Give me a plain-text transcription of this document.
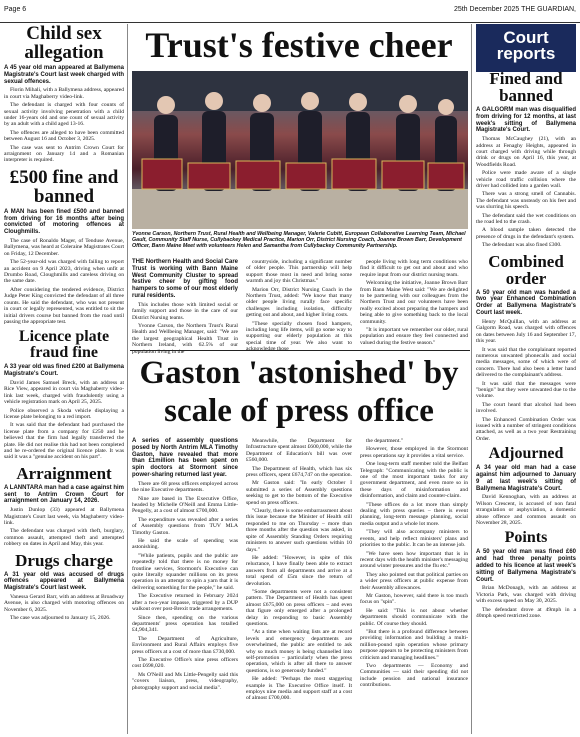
Page 6	25th December 2025 THE GUARDIAN,
Child sex allegation

A 45 year old man appeared at Ballymena Magistrate's Court last week charged with sexual offences.

Florin Mihali, with a Ballymena address, appeared in court via Maghaberry video-link.

The defendant is charged with four counts of sexual activity involving penetration with a child under 16-years old and one count of sexual activity by an adult with a child aged 13-16.

The offences are alleged to have been committed between August 16 and October 3, 2025.

The case was sent to Antrim Crown Court for arraignment on January 14 and a Romanian interpreter is required.

£500 fine and banned

A MAN has been fined £500 and banned from driving for 16 months after being convicted of motoring offences at Cloughmills.

The case of Ronaldo Mager, of Tenduse Avenue, Ballymena, was heard at Coleraine Magistrates Court on Friday, 12 December.

The 52-year-old was charged with failing to report an accident on 9 April 2023, driving when unfit at Drumbo Road, Cloughmills and careless driving on the same date.

After considering the tendered evidence, District Judge Peter King convicted the defendant of all three counts. He said the defendant, who was not present in court or legally represented, was entitled to sit the initial drivers course but banned from the road until passing the appropriate test.

Licence plate fraud fine

A 33 year old was fined £200 at Ballymena Magistrate's Court.

David James Samuel Breck, with an address at Rice View, appeared in court via Maghaberry video-link last week, charged with fraudulently using a vehicle registration mark on April 25, 2025.

Police observed a Skoda vehicle displaying a license plate belonging to a red import.

It was said that the defendant had purchased the license plate from a company for £250 and he believed that the firm had legally transferred the plate. He did not realise this had not been completed and he re-ordered the original licence plate. It was said it was a "genuine accident on his part".

Arraignment

A LANNTARA man had a case against him sent to Antrim Crown Court for arraignment on January 14, 2026.

Justin Dunlop (33) appeared at Ballymena Magistrate's Court last week, via Maghaberry video-link.

The defendant was charged with theft, burglary, common assault, attempted theft and attempted robbery on dates in April and May, this year.

Drugs charge

A 31 year old was accused of drugs offences appeared at Ballymena Magistrate's Court last week.

Vanessa Gerard Barr, with an address at Broadway Avenue, is also charged with motoring offences on November 6, 2025.

The case was adjourned to January 15, 2026.

Trust's festive cheer
Yvonne Carson, Northern Trust, Rural Health and Wellbeing Manager, Valerie Cubitt, European Collaborative Learning Team, Michael Gault, Community Staff Nurse, Cullybackey Medical Practice, Marion Orr, District Nursing Coach, Joanne Brown Barr, Development Officer, Bann Maine Meet with volunteers Helen and Samantha from Cullybackey Community Partnership.

THE Northern Health and Social Care Trust is working with Bann Maine West Community Cluster to spread festive cheer by gifting food hampers to some of our most elderly rural residents.

This includes those with limited social or family support and those in the care of our District Nursing teams.

Yvonne Carson, the Northern Trust's Rural Health and Wellbeing Manager, said: "We are the largest geographical Health Trust in Northern Ireland, with 62.5% of our population living in the

countryside, including a significant number of older people. This partnership will help support those most in need and bring some warmth and joy this Christmas."

Marion Orr, District Nursing Coach in the Northern Trust, added: "We know that many older people living rurally face specific challenges including isolation, difficulty getting out and about, and higher living costs.

"These specially chosen food hampers, including long life items, will go some way to supporting our elderly population at this special time of year. We also want to acknowledge those

people living with long term conditions who find it difficult to get out and about and who require input from our district nursing team.

Welcoming the initiative, Joanne Brown Barr from Bann Maine West said: "We are delighted to be partnering with our colleagues from the Northern Trust and our volunteers have been really excited about preparing the hampers and being able to give something back to the local community.

"It is important we remember our older, rural population and ensure they feel connected and valued during the festive season."

Gaston 'astonished' by scale of press office

A series of assembly questions posed by North Antrim MLA Timothy Gaston, have revealed that more than £1million has been spent on spin doctors at Stormont since power-sharing returned last year.

There are 68 press officers employed across the nine Executive departments.

Nine are based in The Executive Office, headed by Michelle O'Neill and Emma Little-Pengelly, at a cost of almost £700,000.

The expenditure was revealed after a series of Assembly questions from TUV MLA Timothy Gaston.

He said the scale of spending was astonishing.

"While patients, pupils and the public are repeatedly told that there is no money for frontline services, Stormont's Executive can quite literally squander millions on its press operation in an attempt to spin a yarn that it is delivering something for the people," he said.

The Executive returned in February 2024 after a two-year impasse, triggered by a DUP walkout over post-Brexit trade arrangements.

Since then, spending on the various departments' press operation has totalled £4,904,341.

The Department of Agriculture, Environment and Rural Affairs employs five press officers at a cost of more than £730,000.

The Executive Office's nine press officers cost £698,020.

Ms O'Neill and Ms Little-Pengelly said this "covers liaison, press, videography, photography support and social media".

Meanwhile, the Department for Infrastructure spent almost £600,000, while the Department of Education's bill was over £560,000.

The Department of Health, which has six press officers, spent £674,747 on the operation.

Mr Gaston said: "In early October I submitted a series of Assembly questions seeking to get to the bottom of the Executive spend on press officers.

"Clearly, there is some embarrassment about this issue because the Minister of Health still responded to me on Thursday – more than three months after the question was asked, in spite of Assembly Standing Orders requiring ministers to answer such questions within 10 days."

He added: "However, in spite of this reluctance, I have finally been able to extract answers from all departments and arrive at a total spend of £5m since the return of devolution.

"Some departments were not a consistent pattern. The Department of Health has spent almost £675,000 on press officers – and even that figure only emerged after a prolonged delay in responding to basic Assembly questions.

"At a time when waiting lists are at record levels and emergency departments are overwhelmed, the public are entitled to ask why so much money is being channelled into self-promotion – particularly when the press operation, which is after all there to answer questions, is so generously funded."

He added: "Perhaps the most staggering example is The Executive Office itself. It employs nine media and support staff at a cost of almost £700,000.

the department."

However, those employed in the Stormont press operations say it provides a vital service.

One long-term staff member told the Belfast Telegraph: "Communicating with the public is one of the most important tasks for any government department, and even more so in these days of misinformation and disinformation, and claim and counter-claim.

"These offices do a lot more than simply dealing with press queries – there is event planning, long-term message planning, social media output and a whole lot more.

"They will also accompany ministers to events, and help reflect ministers' plans and priorities to the public. It can be an intense job.

"We have seen how important that is in recent days with the health minister's messaging around winter pressures and the flu etc."

They also pointed out that political parties on a wider press officers at public expense from their Assembly allowances.

Mr Gaston, however, said there is too much focus on "spin".

He said: "This is not about whether departments should communicate with the public. Of course they should.

"But there is a profound difference between providing information and building a multi-million-pound spin operation whose primary purpose appears to be protecting ministers from criticism and managing headlines."

Two departments — Economy and Communities — said their spending did not include pension and national insurance contributions.

Court reports
Fined and banned

A GALGORM man was disqualified from driving for 12 months, at last week's sitting of Ballymena Magistrate's Court.

Thomas McCaughey (21), with an address at Fenaghy Heights, appeared in court charged with driving while through drink or drugs on April 16, this year, at Woodfields Road.

Police were made aware of a single vehicle road traffic collision where the driver had collided into a garden wall.

There was a strong smell of Cannabis. The defendant was unsteady on his feet and was slurring his speech.

The defendant said the wet conditions on the road led to the crash.

A blood sample taken detected the presence of drugs in the defendant's system.

The defendant was also fined £300.

Combined order

A 50 year old man was handed a two year Enhanced Combination Order at Ballymena Magistrate's Court last week.

Henry McQuillan, with an address at Galgorm Road, was charged with offences on dates between July 16 and September 17, this year.

It was said that the complainant reported numerous unwanted phonecalls and social media messages, some of which were of concern. There had also been a letter hand delivered to the complainant's address.

It was said that the messages were "benign" but they were unwanted due to the volume.

The court heard that alcohol had been involved.

The Enhanced Combination Order was issued with a number of stringent conditions attached, as well as a two year Restraining Order.

Adjourned

A 34 year old man had a case against him adjourned to January 9 at last week's sitting of Ballymena Magistrate's Court.

David Kennoghan, with an address at Wilson Crescent, is accused of non fatal strangulation or asphyxiation, a domestic abuse offence and common assault on November 28, 2025.

Points

A 50 year old man was fined £60 and had three penalty points added to his licence at last week's sitting of Ballymena Magistrate's Court.

Brian McDonagh, with an address at Victoria Park, was charged with driving with excess speed on May 30, 2025.

The defendant drove at 49mph in a 40mph speed restricted zone.
